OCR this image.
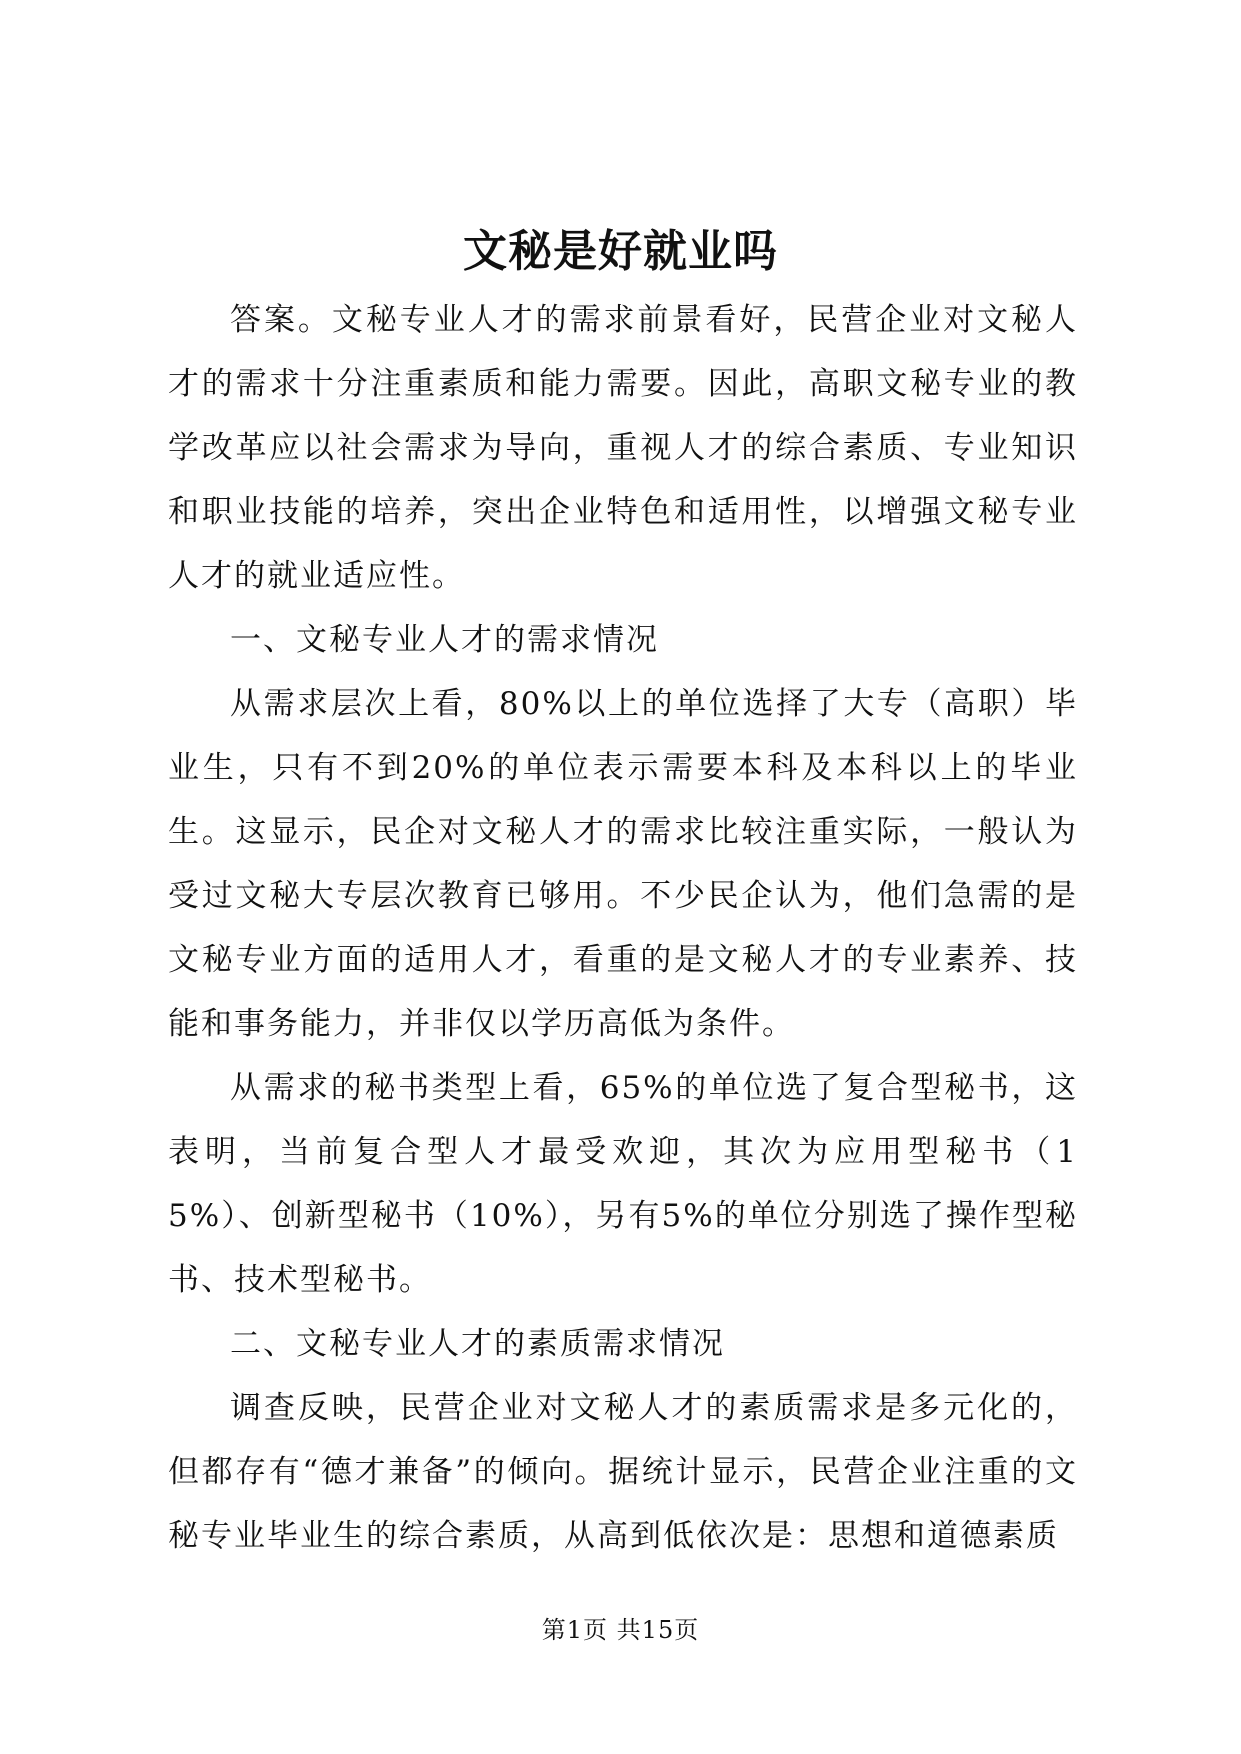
文秘是好就业吗

答案。文秘专业人才的需求前景看好，民营企业对文秘人才的需求十分注重素质和能力需要。因此，高职文秘专业的教学改革应以社会需求为导向，重视人才的综合素质、专业知识和职业技能的培养，突出企业特色和适用性，以增强文秘专业人才的就业适应性。

一、文秘专业人才的需求情况

从需求层次上看，80%以上的单位选择了大专（高职）毕业生，只有不到20%的单位表示需要本科及本科以上的毕业生。这显示，民企对文秘人才的需求比较注重实际，一般认为受过文秘大专层次教育已够用。不少民企认为，他们急需的是文秘专业方面的适用人才，看重的是文秘人才的专业素养、技能和事务能力，并非仅以学历高低为条件。

从需求的秘书类型上看，65%的单位选了复合型秘书，这表明，当前复合型人才最受欢迎，其次为应用型秘书（15%）、创新型秘书（10%），另有5%的单位分别选了操作型秘书、技术型秘书。

二、文秘专业人才的素质需求情况

调查反映，民营企业对文秘人才的素质需求是多元化的，但都存有“德才兼备”的倾向。据统计显示，民营企业注重的文秘专业毕业生的综合素质，从高到低依次是：思想和道德素质

第1页 共15页
